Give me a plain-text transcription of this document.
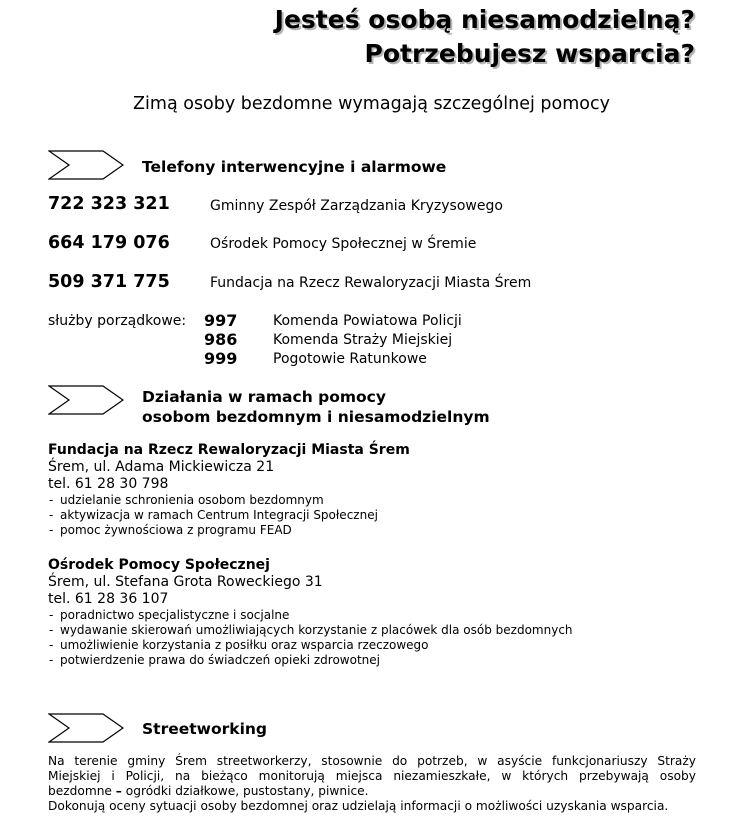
Jesteś osobą niesamodzielną?
Potrzebujesz wsparcia?
Zimą osoby bezdomne wymagają szczególnej pomocy
Telefony interwencyjne i alarmowe
722 323 321	Gminny Zespół Zarządzania Kryzysowego
664 179 076	Ośrodek Pomocy Społecznej w Śremie
509 371 775	Fundacja na Rzecz Rewaloryzacji Miasta Śrem
służby porządkowe: 997	Komenda Powiatowa Policji
986	Komenda Straży Miejskiej
999	Pogotowie Ratunkowe
Działania w ramach pomocy
osobom bezdomnym i niesamodzielnym
Fundacja na Rzecz Rewaloryzacji Miasta Śrem
Śrem, ul. Adama Mickiewicza 21
tel. 61 28 30 798
- udzielanie schronienia osobom bezdomnym
- aktywizacja w ramach Centrum Integracji Społecznej
- pomoc żywnościowa z programu FEAD
Ośrodek Pomocy Społecznej
Śrem, ul. Stefana Grota Roweckiego 31
tel. 61 28 36 107
- poradnictwo specjalistyczne i socjalne
- wydawanie skierowań umożliwiających korzystanie z placówek dla osób bezdomnych
- umożliwienie korzystania z posiłku oraz wsparcia rzeczowego
- potwierdzenie prawa do świadczeń opieki zdrowotnej
Streetworking
Na terenie gminy Śrem streetworkerzy, stosownie do potrzeb, w asyście funkcjonariuszy Straży
Miejskiej i Policji, na bieżąco monitorują miejsca niezamieszkałe, w których przebywają osoby
bezdomne – ogródki działkowe, pustostany, piwnice.
Dokonują oceny sytuacji osoby bezdomnej oraz udzielają informacji o możliwości uzyskania wsparcia.
